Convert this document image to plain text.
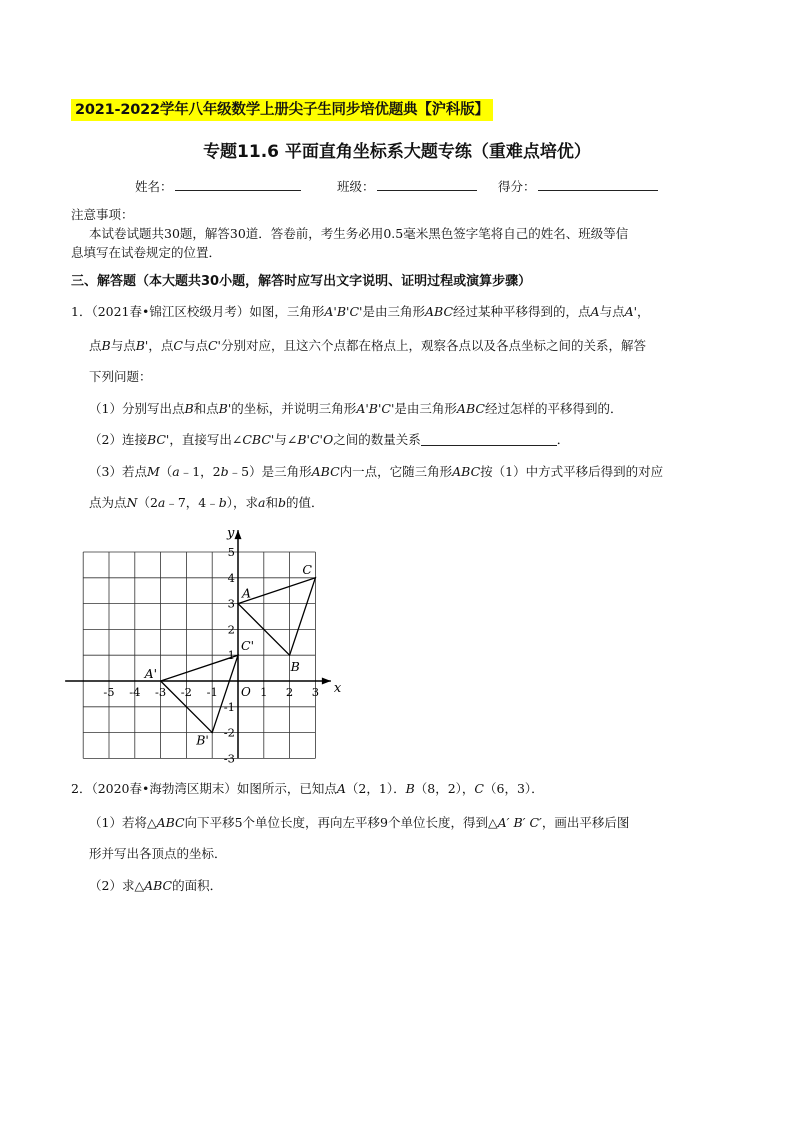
2021-2022学年八年级数学上册尖子生同步培优题典【沪科版】
专题11.6 平面直角坐标系大题专练（重难点培优）
姓名：	班级：	得分：
注意事项：
本试卷试题共30题，解答30道．答卷前，考生务必用0.5毫米黑色签字笔将自己的姓名、班级等信
息填写在试卷规定的位置．
三、解答题（本大题共30小题，解答时应写出文字说明、证明过程或演算步骤）
1．（2021春•锦江区校级月考）如图，三角形A'B'C'是由三角形ABC经过某种平移得到的，点A与点A'，
点B与点B'，点C与点C'分别对应，且这六个点都在格点上，观察各点以及各点坐标之间的关系，解答
下列问题：
（1）分别写出点B和点B'的坐标，并说明三角形A'B'C'是由三角形ABC经过怎样的平移得到的．
（2）连接BC'，直接写出∠CBC'与∠B'C'O之间的数量关系	．
（3）若点M（a﹣1，2b﹣5）是三角形ABC内一点，它随三角形ABC按（1）中方式平移后得到的对应
点为点N（2a﹣7，4﹣b），求a和b的值．
x
y
O
-5 -4 -3 -2 -1	1 2 3
-3
-2
-1
1
2
3
4
5
A
B
C
A'
B'
C'
2．（2020春•海勃湾区期末）如图所示，已知点A（2，1）．B（8，2），C（6，3）．
（1）若将△ABC向下平移5个单位长度，再向左平移9个单位长度，得到△A′ B′ C′，画出平移后图
形并写出各顶点的坐标．
（2）求△ABC的面积．
